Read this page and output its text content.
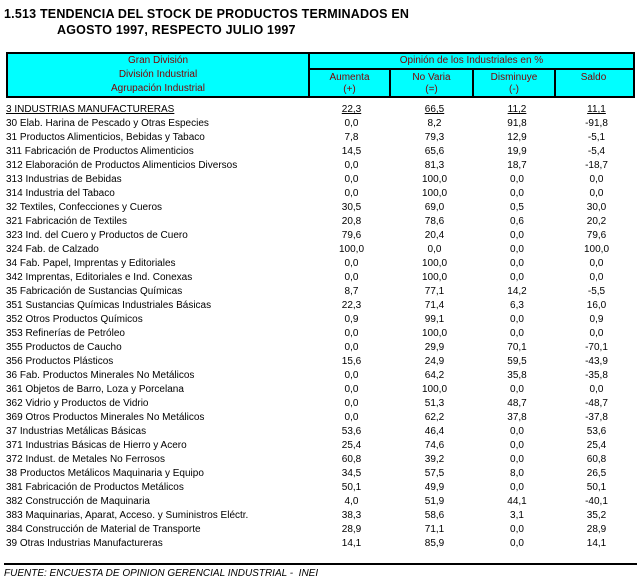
1.513 TENDENCIA DEL STOCK DE PRODUCTOS TERMINADOS EN
AGOSTO 1997, RESPECTO JULIO 1997
Gran División
División Industrial
Agrupación Industrial
Opinión de los Industriales en %
Aumenta
(+)
No Varia
(=)
Disminuye
(-)
Saldo
3 INDUSTRIAS MANUFACTURERAS	22,3	66,5	11,2	11,1
30 Elab. Harina de Pescado y Otras Especies	0,0	8,2	91,8	-91,8
31 Productos Alimenticios, Bebidas y Tabaco	7,8	79,3	12,9	-5,1
311 Fabricación de Productos Alimenticios	14,5	65,6	19,9	-5,4
312 Elaboración de Productos Alimenticios Diversos	0,0	81,3	18,7	-18,7
313 Industrias de Bebidas	0,0	100,0	0,0	0,0
314 Industria del Tabaco	0,0	100,0	0,0	0,0
32 Textiles, Confecciones y Cueros	30,5	69,0	0,5	30,0
321 Fabricación de Textiles	20,8	78,6	0,6	20,2
323 Ind. del Cuero y Productos de Cuero	79,6	20,4	0,0	79,6
324 Fab. de Calzado	100,0	0,0	0,0	100,0
34 Fab. Papel, Imprentas y Editoriales	0,0	100,0	0,0	0,0
342 Imprentas, Editoriales e Ind. Conexas	0,0	100,0	0,0	0,0
35 Fabricación de Sustancias Químicas	8,7	77,1	14,2	-5,5
351 Sustancias Químicas Industriales Básicas	22,3	71,4	6,3	16,0
352 Otros Productos Químicos	0,9	99,1	0,0	0,9
353 Refinerías de Petróleo	0,0	100,0	0,0	0,0
355 Productos de Caucho	0,0	29,9	70,1	-70,1
356 Productos Plásticos	15,6	24,9	59,5	-43,9
36 Fab. Productos Minerales No Metálicos	0,0	64,2	35,8	-35,8
361 Objetos de Barro, Loza y Porcelana	0,0	100,0	0,0	0,0
362 Vidrio y Productos de Vidrio	0,0	51,3	48,7	-48,7
369 Otros Productos Minerales No Metálicos	0,0	62,2	37,8	-37,8
37 Industrias Metálicas Básicas	53,6	46,4	0,0	53,6
371 Industrias Básicas de Hierro y Acero	25,4	74,6	0,0	25,4
372 Indust. de Metales No Ferrosos	60,8	39,2	0,0	60,8
38 Productos Metálicos Maquinaria y Equipo	34,5	57,5	8,0	26,5
381 Fabricación de Productos Metálicos	50,1	49,9	0,0	50,1
382 Construcción de Maquinaria	4,0	51,9	44,1	-40,1
383 Maquinarias, Aparat, Acceso. y Suministros Eléctr.	38,3	58,6	3,1	35,2
384 Construcción de Material de Transporte	28,9	71,1	0,0	28,9
39 Otras Industrias Manufactureras	14,1	85,9	0,0	14,1
FUENTE: ENCUESTA DE OPINION GERENCIAL INDUSTRIAL -  INEI
